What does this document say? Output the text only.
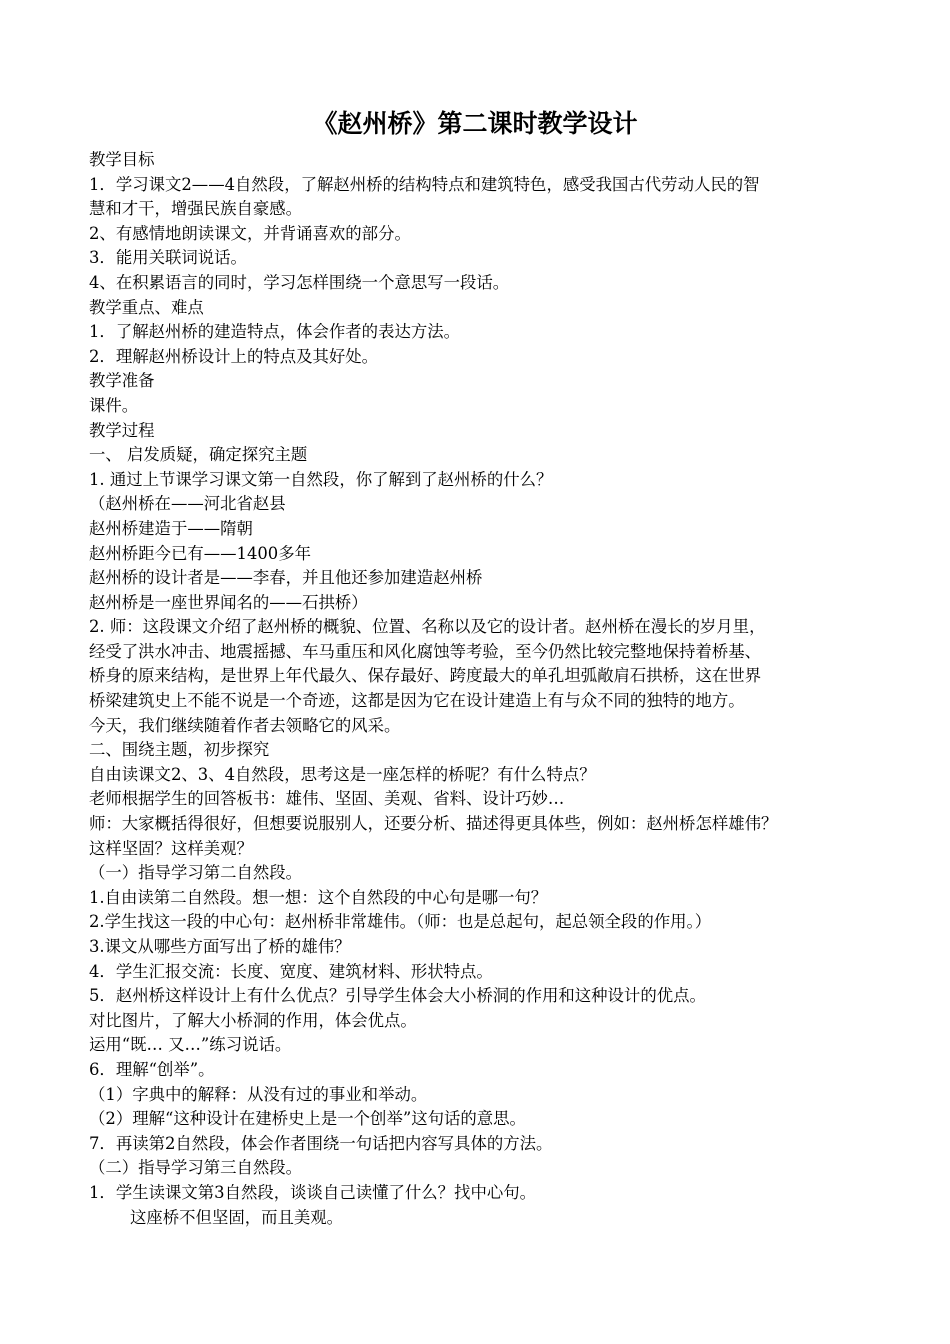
《赵州桥》第二课时教学设计
教学目标
1．学习课文2——4自然段，了解赵州桥的结构特点和建筑特色，感受我国古代劳动人民的智
慧和才干，增强民族自豪感。
2、有感情地朗读课文，并背诵喜欢的部分。
3．能用关联词说话。
4、在积累语言的同时，学习怎样围绕一个意思写一段话。
教学重点、难点
1．了解赵州桥的建造特点，体会作者的表达方法。
2．理解赵州桥设计上的特点及其好处。
教学准备
课件。
教学过程
一、 启发质疑，确定探究主题
1. 通过上节课学习课文第一自然段，你了解到了赵州桥的什么？
（赵州桥在——河北省赵县
赵州桥建造于——隋朝
赵州桥距今已有——1400多年
赵州桥的设计者是——李春，并且他还参加建造赵州桥
赵州桥是一座世界闻名的——石拱桥）
2. 师：这段课文介绍了赵州桥的概貌、位置、名称以及它的设计者。赵州桥在漫长的岁月里，
经受了洪水冲击、地震摇撼、车马重压和风化腐蚀等考验，至今仍然比较完整地保持着桥基、
桥身的原来结构，是世界上年代最久、保存最好、跨度最大的单孔坦弧敞肩石拱桥，这在世界
桥梁建筑史上不能不说是一个奇迹，这都是因为它在设计建造上有与众不同的独特的地方。
今天，我们继续随着作者去领略它的风采。
二、围绕主题，初步探究
自由读课文2、3、4自然段，思考这是一座怎样的桥呢？有什么特点？
老师根据学生的回答板书：雄伟、坚固、美观、省料、设计巧妙…
师：大家概括得很好，但想要说服别人，还要分析、描述得更具体些，例如：赵州桥怎样雄伟？
这样坚固？这样美观？
（一）指导学习第二自然段。
1.自由读第二自然段。想一想：这个自然段的中心句是哪一句？
2.学生找这一段的中心句：赵州桥非常雄伟。（师：也是总起句，起总领全段的作用。）
3.课文从哪些方面写出了桥的雄伟？
4．学生汇报交流：长度、宽度、建筑材料、形状特点。
5．赵州桥这样设计上有什么优点？引导学生体会大小桥洞的作用和这种设计的优点。
对比图片，了解大小桥洞的作用，体会优点。
运用“既… 又…”练习说话。
6．理解“创举”。
（1）字典中的解释：从没有过的事业和举动。
（2）理解“这种设计在建桥史上是一个创举”这句话的意思。
7．再读第2自然段，体会作者围绕一句话把内容写具体的方法。
（二）指导学习第三自然段。
1．学生读课文第3自然段，谈谈自己读懂了什么？找中心句。
这座桥不但坚固，而且美观。
